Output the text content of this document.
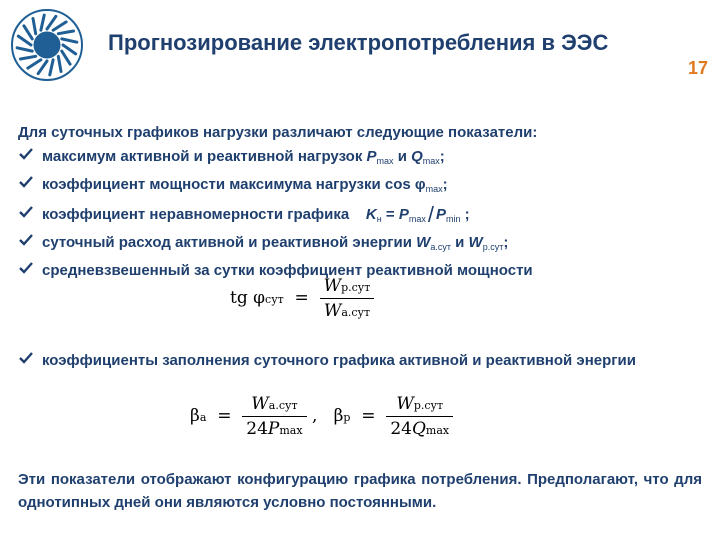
Прогнозирование электропотребления в ЭЭС
17
Для суточных графиков нагрузки различают следующие показатели:
максимум активной и реактивной нагрузок $P_{max}$ и $Q_{max}$;
коэффициент мощности максимума нагрузки $\cos \varphi_{max}$;
коэффициент неравномерности графика $K_н = P_{max}/$ $P_{min}$ ;
суточный расход активной и реактивной энергии $W_{а.сут}$ и $W_{р.сут}$;
средневзвешенный за сутки коэффициент реактивной мощности
tg $\varphi сут = \frac{\text{Wр.сут}}{\text{Wа.сут}}$
коэффициенты заполнения суточного графика активной и реактивной энергии
$\beta а = \frac{\text{Wа.сут}}{24Pmax}$ , $\beta р = \frac{\text{Wр.сут}}{24Qmax}$
Эти показатели отображают конфигурацию графика потребления. Предполагают, что для однотипных дней они являются условно постоянными.
